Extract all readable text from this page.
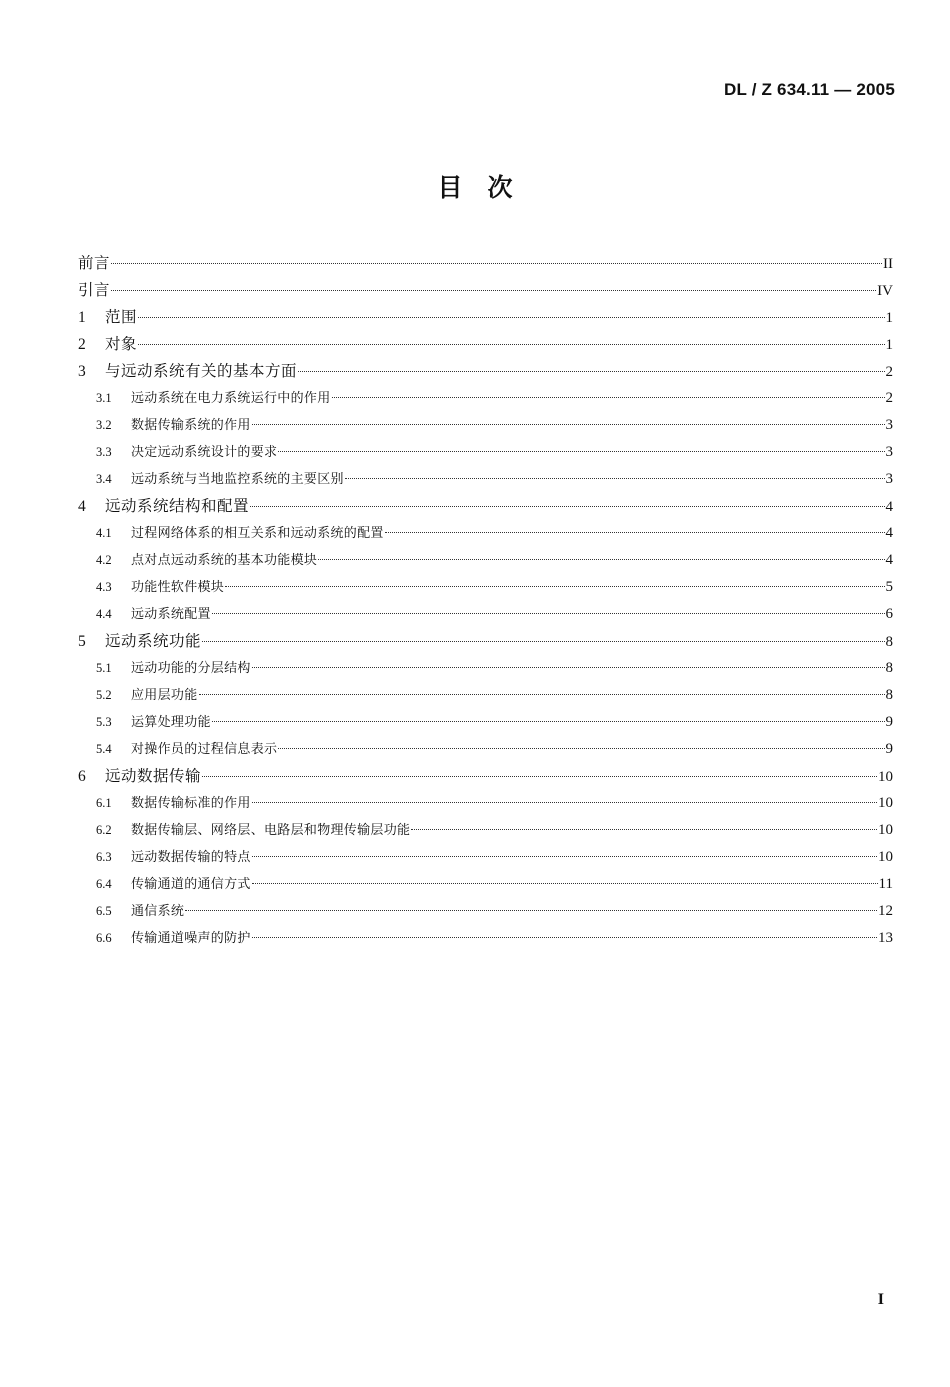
DL / Z 634.11 — 2005
目　次
前言	II
引言	IV
1	范围	1
2	对象	1
3	与远动系统有关的基本方面	2
3.1	远动系统在电力系统运行中的作用	2
3.2	数据传输系统的作用	3
3.3	决定远动系统设计的要求	3
3.4	远动系统与当地监控系统的主要区别	3
4	远动系统结构和配置	4
4.1	过程网络体系的相互关系和远动系统的配置	4
4.2	点对点远动系统的基本功能模块	4
4.3	功能性软件模块	5
4.4	远动系统配置	6
5	远动系统功能	8
5.1	远动功能的分层结构	8
5.2	应用层功能	8
5.3	运算处理功能	9
5.4	对操作员的过程信息表示	9
6	远动数据传输	10
6.1	数据传输标准的作用	10
6.2	数据传输层、网络层、电路层和物理传输层功能	10
6.3	远动数据传输的特点	10
6.4	传输通道的通信方式	11
6.5	通信系统	12
6.6	传输通道噪声的防护	13
I
